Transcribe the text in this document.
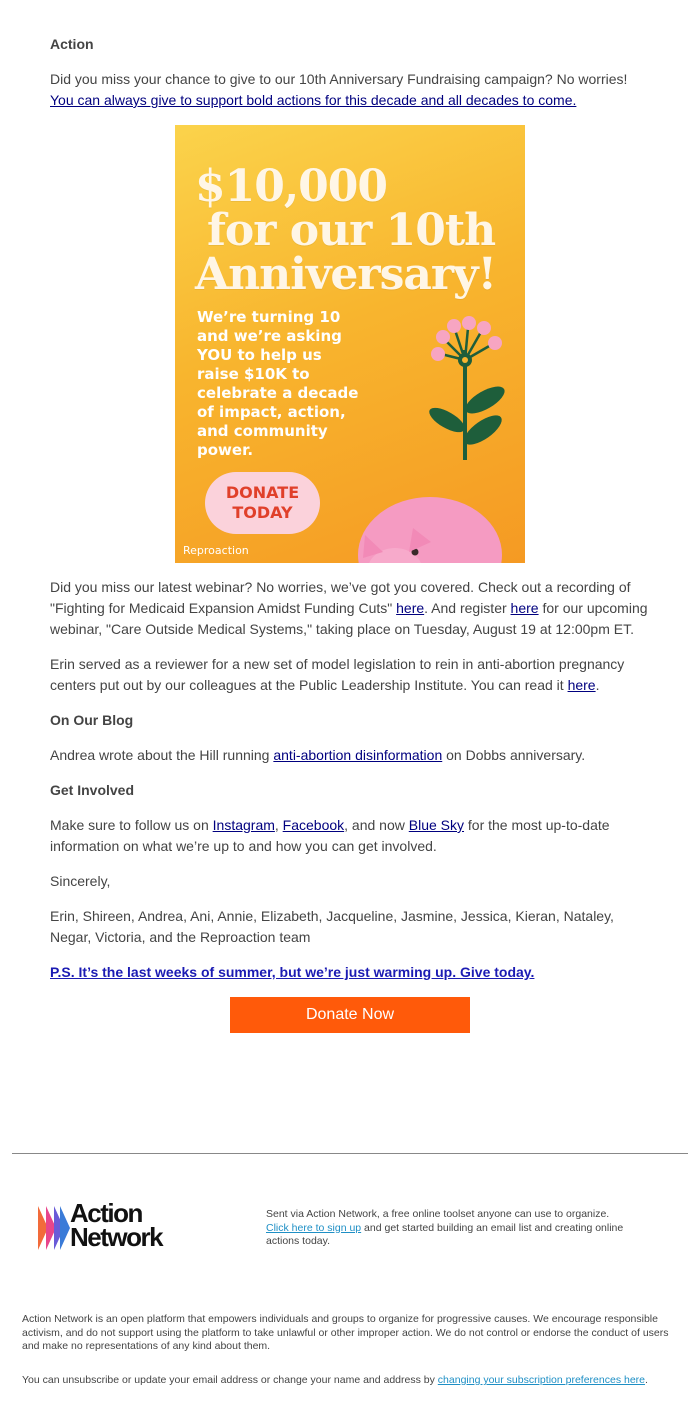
Action
Did you miss your chance to give to our 10th Anniversary Fundraising campaign? No worries!
You can always give to support bold actions for this decade and all decades to come.
$10,000
for our 10th
Anniversary!
We’re turning 10 and we’re asking YOU to help us raise $10K to celebrate a decade of impact, action, and community power.
DONATE
TODAY
Reproaction
Did you miss our latest webinar? No worries, we’ve got you covered. Check out a recording of "Fighting for Medicaid Expansion Amidst Funding Cuts" here. And register here for our upcoming webinar, "Care Outside Medical Systems," taking place on Tuesday, August 19 at 12:00pm ET.
Erin served as a reviewer for a new set of model legislation to rein in anti-abortion pregnancy centers put out by our colleagues at the Public Leadership Institute. You can read it here.
On Our Blog
Andrea wrote about the Hill running anti-abortion disinformation on Dobbs anniversary.
Get Involved
Make sure to follow us on Instagram, Facebook, and now Blue Sky for the most up-to-date information on what we’re up to and how you can get involved.
Sincerely,
Erin, Shireen, Andrea, Ani, Annie, Elizabeth, Jacqueline, Jasmine, Jessica, Kieran, Nataley, Negar, Victoria, and the Reproaction team
P.S. It’s the last weeks of summer, but we’re just warming up. Give today.
Donate Now
Action
Network
Sent via Action Network, a free online toolset anyone can use to organize.
Click here to sign up and get started building an email list and creating online actions today.
Action Network is an open platform that empowers individuals and groups to organize for progressive causes. We encourage responsible activism, and do not support using the platform to take unlawful or other improper action. We do not control or endorse the conduct of users and make no representations of any kind about them.
You can unsubscribe or update your email address or change your name and address by changing your subscription preferences here.
